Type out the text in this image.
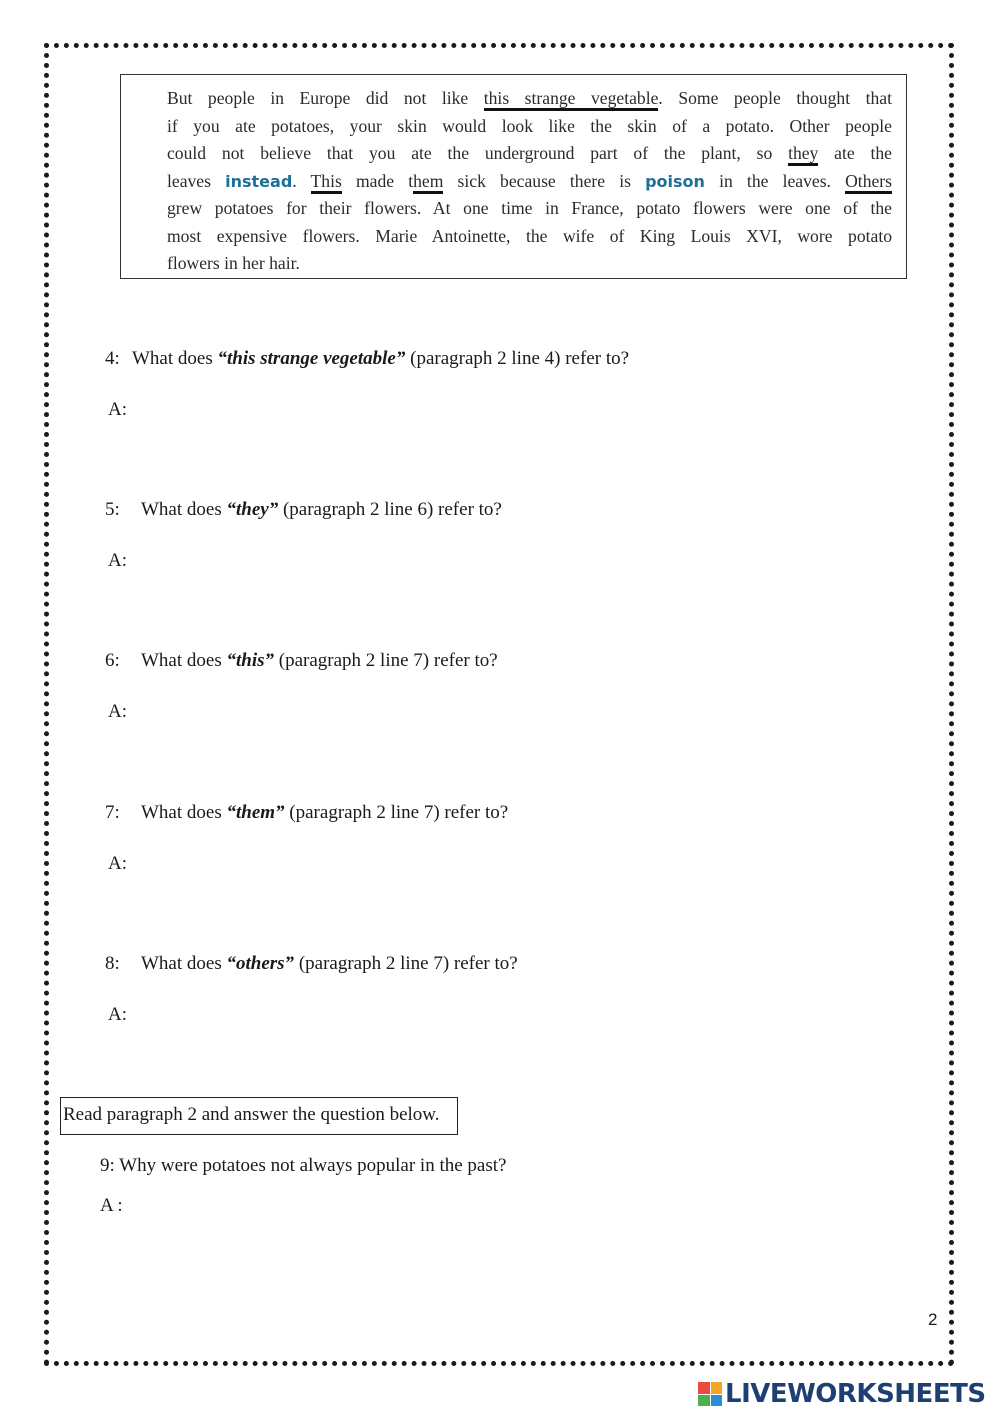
But people in Europe did not like this strange vegetable. Some people thought that
if you ate potatoes, your skin would look like the skin of a potato. Other people
could not believe that you ate the underground part of the plant, so they ate the
leaves instead. This made them sick because there is poison in the leaves. Others
grew potatoes for their flowers. At one time in France, potato flowers were one of the
most expensive flowers. Marie Antoinette, the wife of King Louis XVI, wore potato
flowers in her hair.
4: What does “this strange vegetable” (paragraph 2 line 4) refer to?
A:
5: What does “they” (paragraph 2 line 6) refer to?
A:
6: What does “this” (paragraph 2 line 7) refer to?
A:
7: What does “them” (paragraph 2 line 7) refer to?
A:
8: What does “others” (paragraph 2 line 7) refer to?
A:
Read paragraph 2 and answer the question below.
9: Why were potatoes not always popular in the past?
A :
2
LIVEWORKSHEETS
